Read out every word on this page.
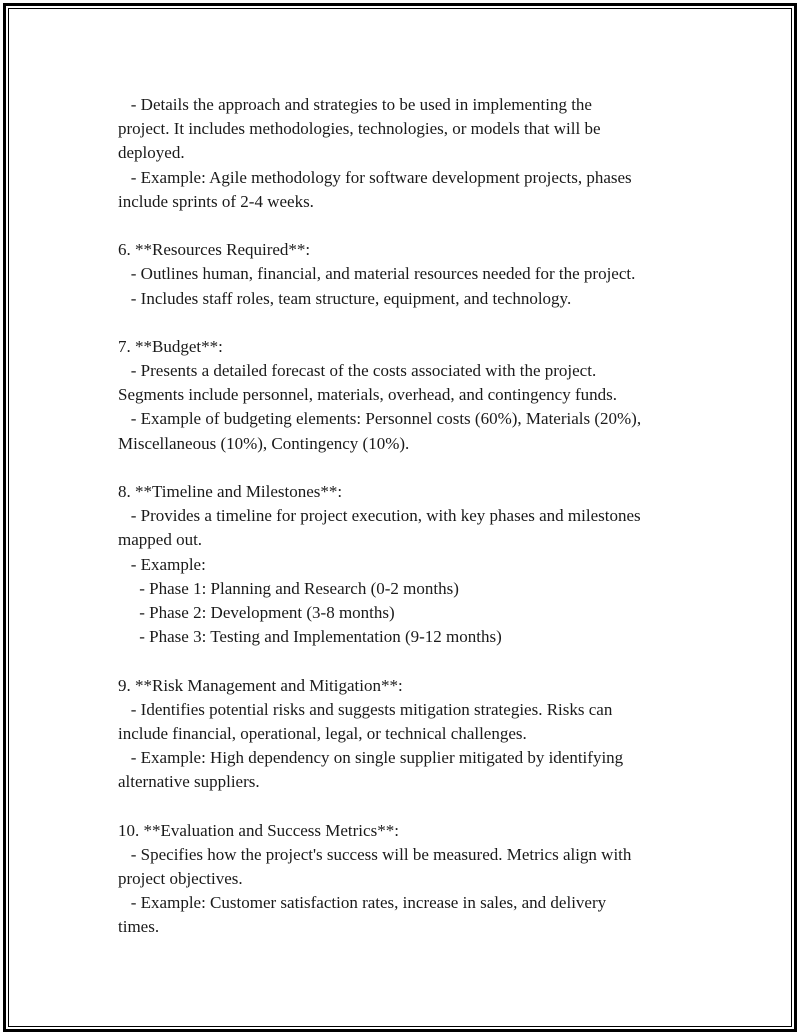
- Details the approach and strategies to be used in implementing the
project. It includes methodologies, technologies, or models that will be
deployed.
- Example: Agile methodology for software development projects, phases
include sprints of 2-4 weeks.
6. **Resources Required**:
- Outlines human, financial, and material resources needed for the project.
- Includes staff roles, team structure, equipment, and technology.
7. **Budget**:
- Presents a detailed forecast of the costs associated with the project.
Segments include personnel, materials, overhead, and contingency funds.
- Example of budgeting elements: Personnel costs (60%), Materials (20%),
Miscellaneous (10%), Contingency (10%).
8. **Timeline and Milestones**:
- Provides a timeline for project execution, with key phases and milestones
mapped out.
- Example:
- Phase 1: Planning and Research (0-2 months)
- Phase 2: Development (3-8 months)
- Phase 3: Testing and Implementation (9-12 months)
9. **Risk Management and Mitigation**:
- Identifies potential risks and suggests mitigation strategies. Risks can
include financial, operational, legal, or technical challenges.
- Example: High dependency on single supplier mitigated by identifying
alternative suppliers.
10. **Evaluation and Success Metrics**:
- Specifies how the project's success will be measured. Metrics align with
project objectives.
- Example: Customer satisfaction rates, increase in sales, and delivery
times.
